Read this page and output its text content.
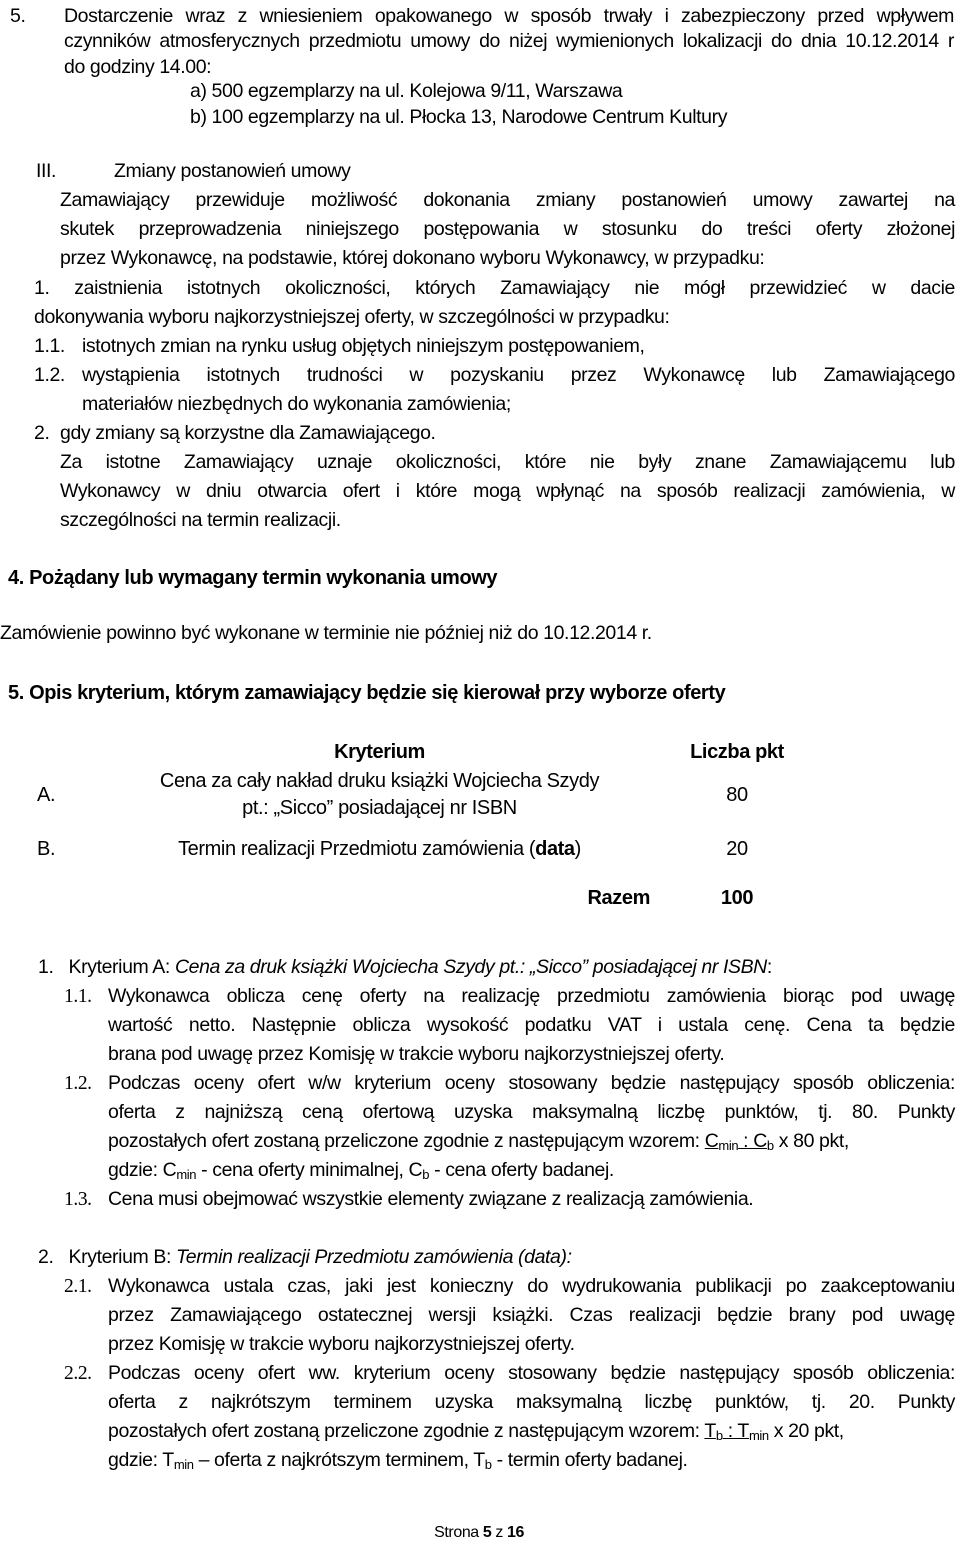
5. Dostarczenie wraz z wniesieniem opakowanego w sposób trwały i zabezpieczony przed wpływem
czynników atmosferycznych przedmiotu umowy do niżej wymienionych lokalizacji do dnia 10.12.2014 r
do godziny 14.00:
a) 500 egzemplarzy na ul. Kolejowa 9/11, Warszawa
b) 100 egzemplarzy na ul. Płocka 13, Narodowe Centrum Kultury
III.	Zmiany postanowień umowy
Zamawiający przewiduje możliwość dokonania zmiany postanowień umowy zawartej na
skutek przeprowadzenia niniejszego postępowania w stosunku do treści oferty złożonej
przez Wykonawcę, na podstawie, której dokonano wyboru Wykonawcy, w przypadku:
1. zaistnienia istotnych okoliczności, których Zamawiający nie mógł przewidzieć w dacie
dokonywania wyboru najkorzystniejszej oferty, w szczególności w przypadku:
1.1. istotnych zmian na rynku usług objętych niniejszym postępowaniem,
1.2. wystąpienia istotnych trudności w pozyskaniu przez Wykonawcę lub Zamawiającego
materiałów niezbędnych do wykonania zamówienia;
2. gdy zmiany są korzystne dla Zamawiającego.
Za istotne Zamawiający uznaje okoliczności, które nie były znane Zamawiającemu lub
Wykonawcy w dniu otwarcia ofert i które mogą wpłynąć na sposób realizacji zamówienia, w
szczególności na termin realizacji.
4. Pożądany lub wymagany termin wykonania umowy
Zamówienie powinno być wykonane w terminie nie później niż do 10.12.2014 r.
5. Opis kryterium, którym zamawiający będzie się kierował przy wyborze oferty
	Kryterium	Liczba pkt
A.	Cena za cały nakład druku książki Wojciecha Szydy
pt.: „Sicco” posiadającej nr ISBN	80
B.	Termin realizacji Przedmiotu zamówienia (data)	20
	Razem	100
1. Kryterium A: Cena za druk książki Wojciecha Szydy pt.: „Sicco” posiadającej nr ISBN:
1.1. Wykonawca oblicza cenę oferty na realizację przedmiotu zamówienia biorąc pod uwagę
wartość netto. Następnie oblicza wysokość podatku VAT i ustala cenę. Cena ta będzie
brana pod uwagę przez Komisję w trakcie wyboru najkorzystniejszej oferty.
1.2. Podczas oceny ofert w/w kryterium oceny stosowany będzie następujący sposób obliczenia:
oferta z najniższą ceną ofertową uzyska maksymalną liczbę punktów, tj. 80. Punkty
pozostałych ofert zostaną przeliczone zgodnie z następującym wzorem: $C_{min}$ : $C_b$ x 80 pkt,
gdzie: $C_{min}$ - cena oferty minimalnej, $C_b$ - cena oferty badanej.
1.3. Cena musi obejmować wszystkie elementy związane z realizacją zamówienia.
2. Kryterium B: Termin realizacji Przedmiotu zamówienia (data):
2.1. Wykonawca ustala czas, jaki jest konieczny do wydrukowania publikacji po zaakceptowaniu
przez Zamawiającego ostatecznej wersji książki. Czas realizacji będzie brany pod uwagę
przez Komisję w trakcie wyboru najkorzystniejszej oferty.
2.2. Podczas oceny ofert ww. kryterium oceny stosowany będzie następujący sposób obliczenia:
oferta z najkrótszym terminem uzyska maksymalną liczbę punktów, tj. 20. Punkty
pozostałych ofert zostaną przeliczone zgodnie z następującym wzorem: $T_b$ : $T_{min}$ x 20 pkt,
gdzie: $T_{min}$ – oferta z najkrótszym terminem, $T_b$ - termin oferty badanej.
Strona 5 z 16
